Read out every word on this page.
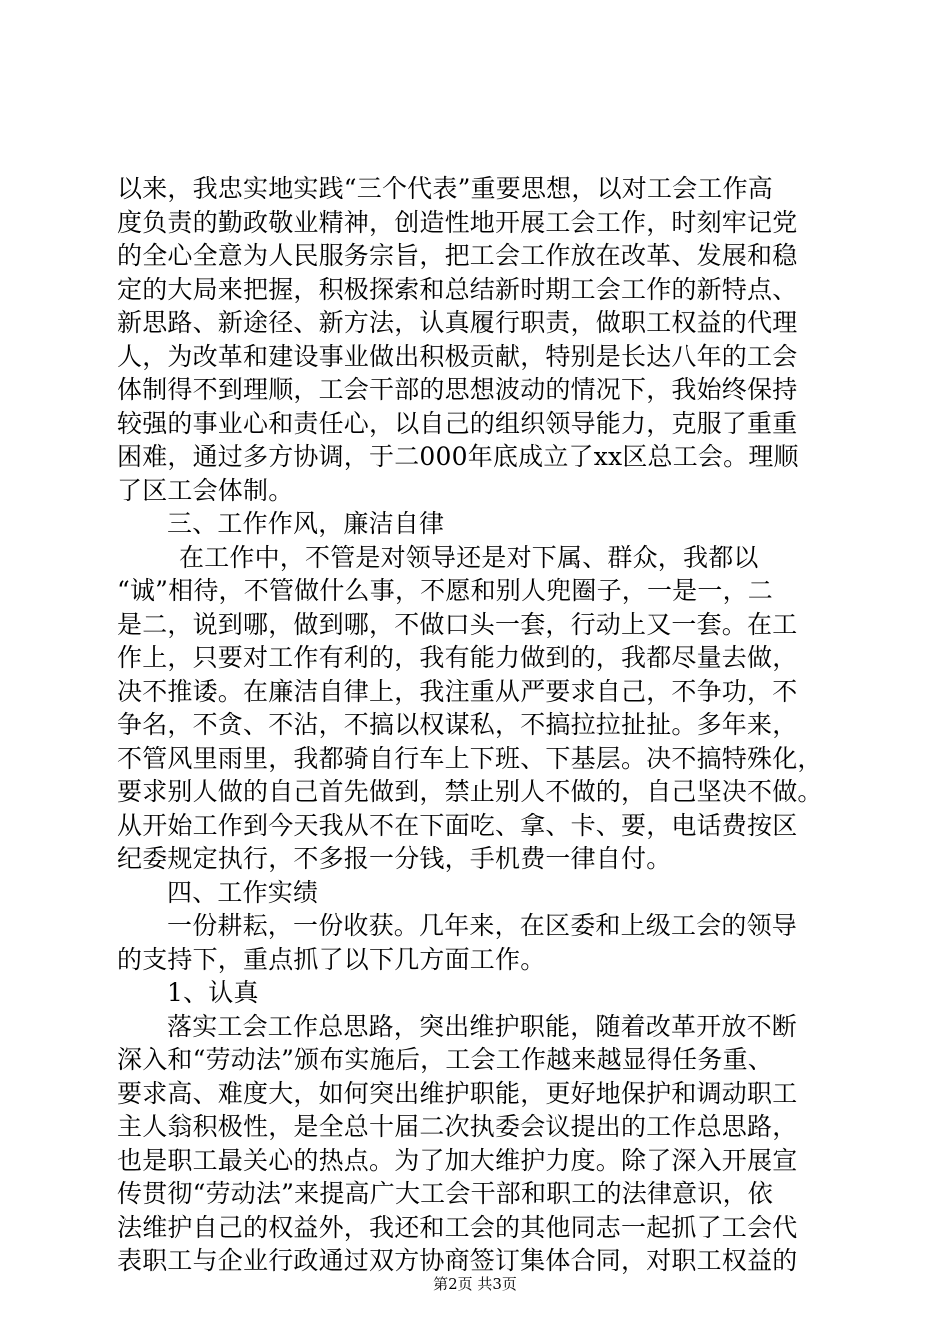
以来，我忠实地实践“三个代表”重要思想，以对工会工作高
度负责的勤政敬业精神，创造性地开展工会工作，时刻牢记党
的全心全意为人民服务宗旨，把工会工作放在改革、发展和稳
定的大局来把握，积极探索和总结新时期工会工作的新特点、
新思路、新途径、新方法，认真履行职责，做职工权益的代理
人，为改革和建设事业做出积极贡献，特别是长达八年的工会
体制得不到理顺，工会干部的思想波动的情况下，我始终保持
较强的事业心和责任心，以自己的组织领导能力，克服了重重
困难，通过多方协调，于二000年底成立了xx区总工会。理顺
了区工会体制。
三、工作作风，廉洁自律
在工作中，不管是对领导还是对下属、群众，我都以
“诚”相待，不管做什么事，不愿和别人兜圈子，一是一，二
是二，说到哪，做到哪，不做口头一套，行动上又一套。在工
作上，只要对工作有利的，我有能力做到的，我都尽量去做，
决不推诿。在廉洁自律上，我注重从严要求自己，不争功，不
争名，不贪、不沾，不搞以权谋私，不搞拉拉扯扯。多年来，
不管风里雨里，我都骑自行车上下班、下基层。决不搞特殊化，
要求别人做的自己首先做到，禁止别人不做的，自己坚决不做。
从开始工作到今天我从不在下面吃、拿、卡、要，电话费按区
纪委规定执行，不多报一分钱，手机费一律自付。
四、工作实绩
一份耕耘，一份收获。几年来，在区委和上级工会的领导
的支持下，重点抓了以下几方面工作。
1、认真
落实工会工作总思路，突出维护职能，随着改革开放不断
深入和“劳动法”颁布实施后，工会工作越来越显得任务重、
要求高、难度大，如何突出维护职能，更好地保护和调动职工
主人翁积极性，是全总十届二次执委会议提出的工作总思路，
也是职工最关心的热点。为了加大维护力度。除了深入开展宣
传贯彻“劳动法”来提高广大工会干部和职工的法律意识，依
法维护自己的权益外，我还和工会的其他同志一起抓了工会代
表职工与企业行政通过双方协商签订集体合同，对职工权益的
第2页 共3页
